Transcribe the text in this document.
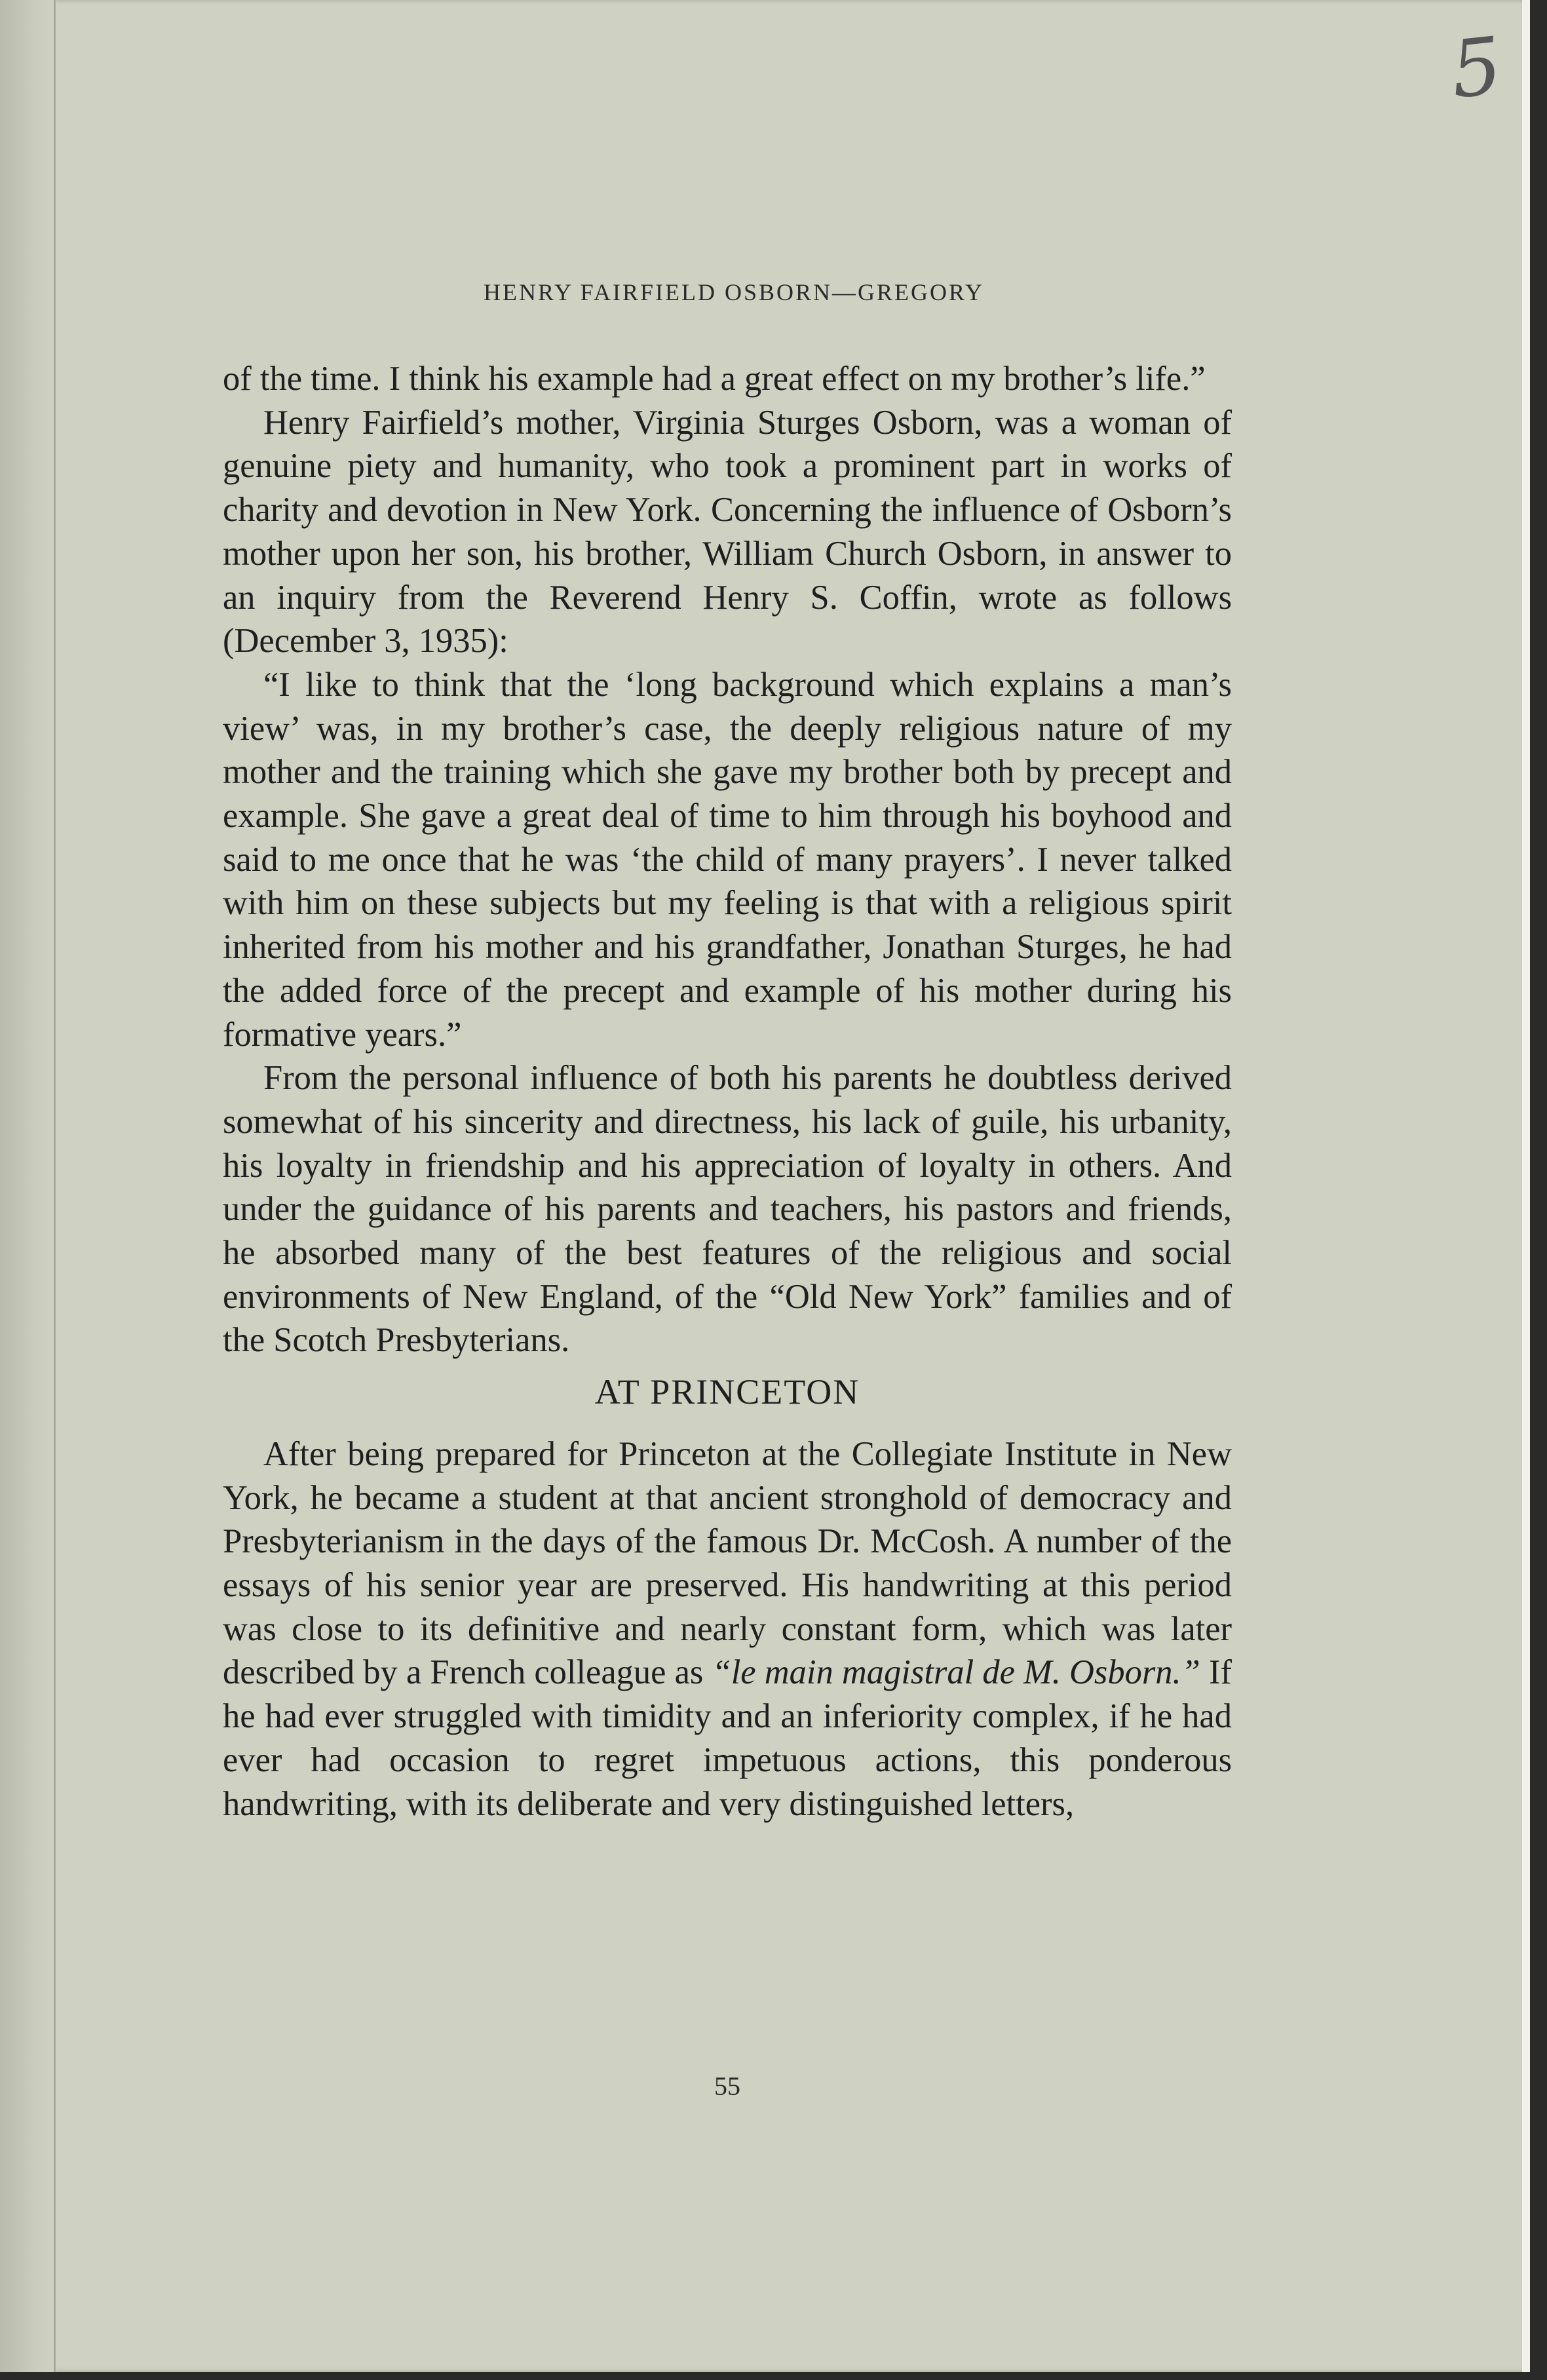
5
HENRY FAIRFIELD OSBORN—GREGORY

of the time. I think his example had a great effect on my brother’s life.”

Henry Fairfield’s mother, Virginia Sturges Osborn, was a woman of genuine piety and humanity, who took a prominent part in works of charity and devotion in New York. Concerning the influence of Osborn’s mother upon her son, his brother, William Church Osborn, in answer to an inquiry from the Reverend Henry S. Coffin, wrote as follows (December 3, 1935):

“I like to think that the ‘long background which explains a man’s view’ was, in my brother’s case, the deeply religious nature of my mother and the training which she gave my brother both by precept and example. She gave a great deal of time to him through his boyhood and said to me once that he was ‘the child of many prayers’. I never talked with him on these subjects but my feeling is that with a religious spirit inherited from his mother and his grandfather, Jonathan Sturges, he had the added force of the precept and example of his mother during his formative years.”

From the personal influence of both his parents he doubtless derived somewhat of his sincerity and directness, his lack of guile, his urbanity, his loyalty in friendship and his appreciation of loyalty in others. And under the guidance of his parents and teachers, his pastors and friends, he absorbed many of the best features of the religious and social environments of New England, of the “Old New York” families and of the Scotch Presbyterians.

AT PRINCETON

After being prepared for Princeton at the Collegiate Institute in New York, he became a student at that ancient stronghold of democracy and Presbyterianism in the days of the famous Dr. McCosh. A number of the essays of his senior year are preserved. His handwriting at this period was close to its definitive and nearly constant form, which was later described by a French colleague as “le main magistral de M. Osborn.” If he had ever struggled with timidity and an inferiority complex, if he had ever had occasion to regret impetuous actions, this ponderous handwriting, with its deliberate and very distinguished letters,

55
